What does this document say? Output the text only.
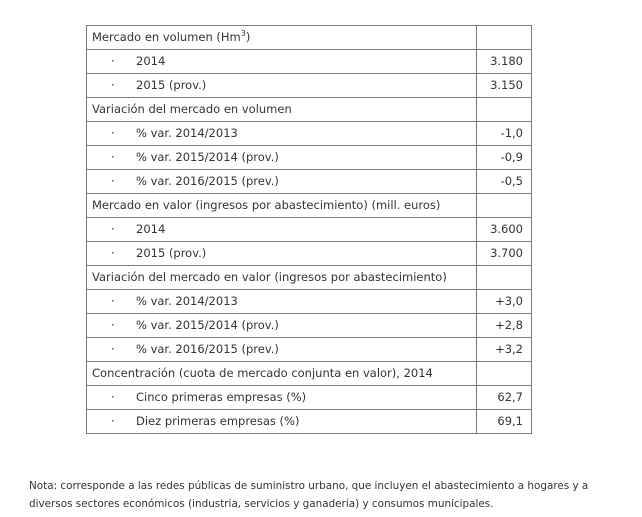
Mercado en volumen (Hm$^3$)	
· 2014	3.180
· 2015 (prov.)	3.150
Variación del mercado en volumen	
· % var. 2014/2013	-1,0
· % var. 2015/2014 (prov.)	-0,9
· % var. 2016/2015 (prev.)	-0,5
Mercado en valor (ingresos por abastecimiento) (mill. euros)	
· 2014	3.600
· 2015 (prov.)	3.700
Variación del mercado en valor (ingresos por abastecimiento)	
· % var. 2014/2013	+3,0
· % var. 2015/2014 (prov.)	+2,8
· % var. 2016/2015 (prev.)	+3,2
Concentración (cuota de mercado conjunta en valor), 2014	
· Cinco primeras empresas (%)	62,7
· Diez primeras empresas (%)	69,1
Nota: corresponde a las redes públicas de suministro urbano, que incluyen el abastecimiento a hogares y a diversos sectores económicos (industria, servicios y ganadería) y consumos municipales.
